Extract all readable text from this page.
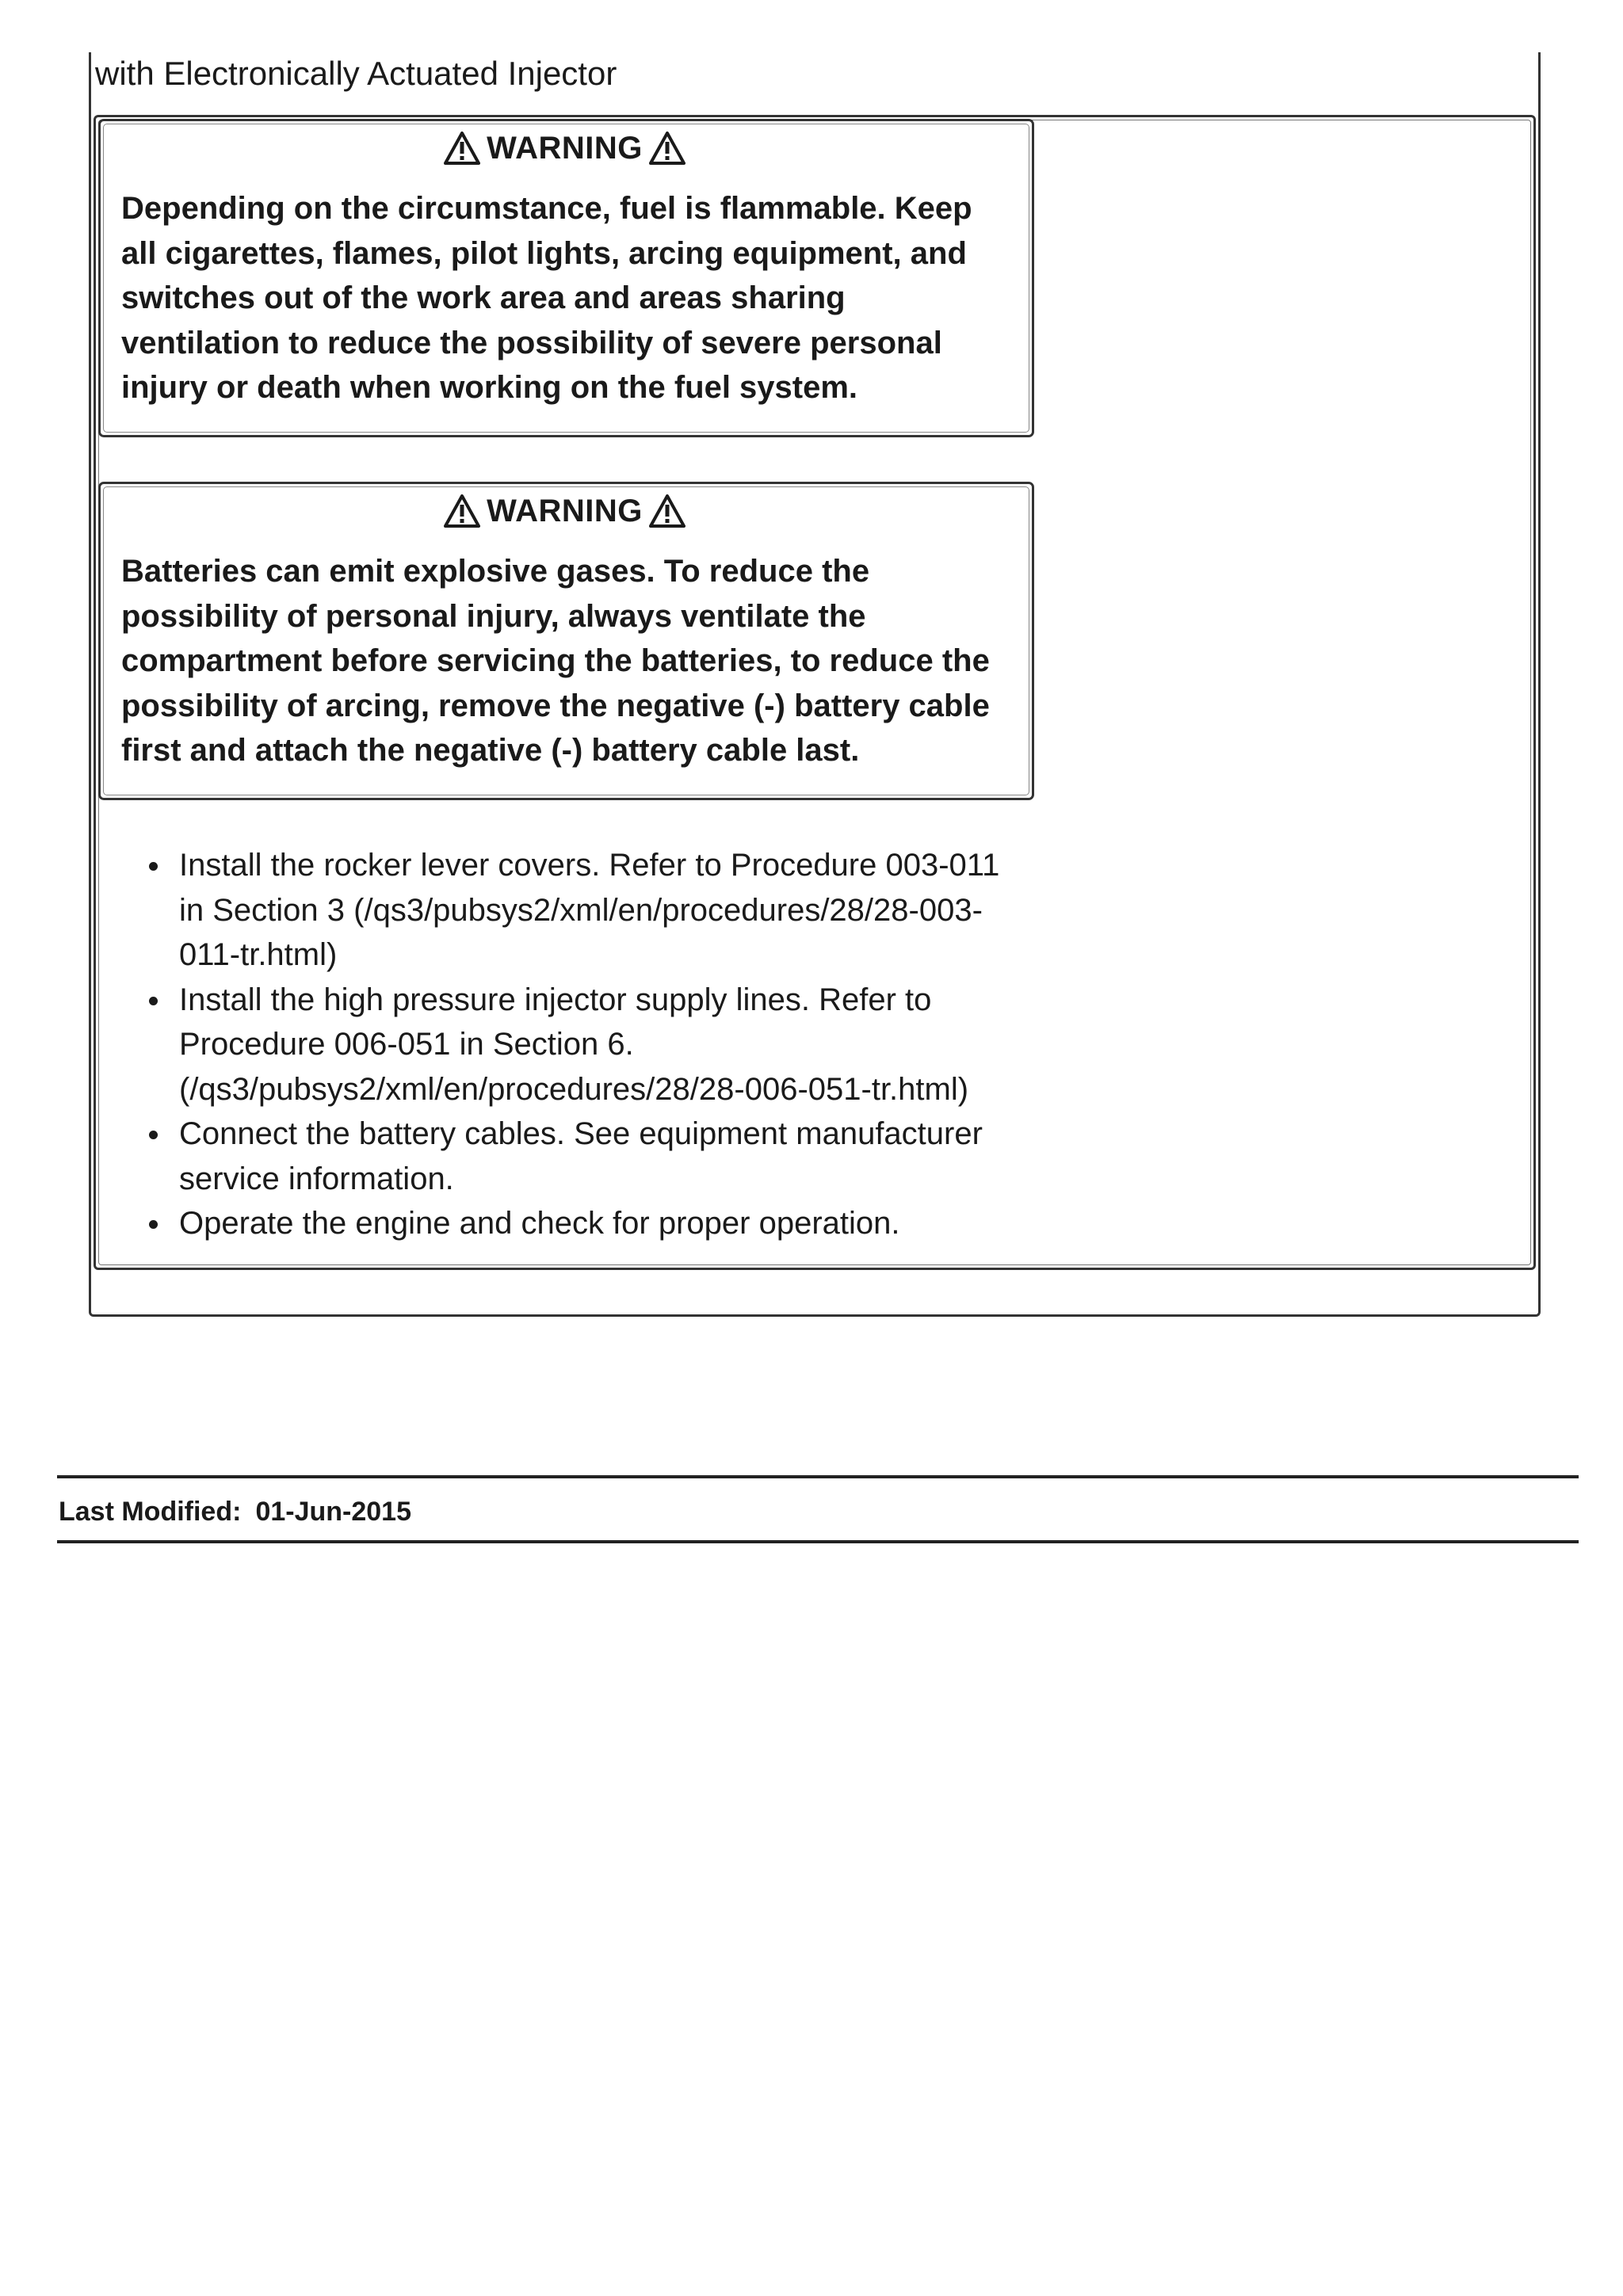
with Electronically Actuated Injector
WARNING
Depending on the circumstance, fuel is flammable. Keep
all cigarettes, flames, pilot lights, arcing equipment, and
switches out of the work area and areas sharing
ventilation to reduce the possibility of severe personal
injury or death when working on the fuel system.
WARNING
Batteries can emit explosive gases. To reduce the
possibility of personal injury, always ventilate the
compartment before servicing the batteries, to reduce the
possibility of arcing, remove the negative (-) battery cable
first and attach the negative (-) battery cable last.
Install the rocker lever covers. Refer to Procedure 003-011
in Section 3 (/qs3/pubsys2/xml/en/procedures/28/28-003-
011-tr.html)
Install the high pressure injector supply lines. Refer to
Procedure 006-051 in Section 6.
(/qs3/pubsys2/xml/en/procedures/28/28-006-051-tr.html)
Connect the battery cables. See equipment manufacturer
service information.
Operate the engine and check for proper operation.
Last Modified: 01-Jun-2015
